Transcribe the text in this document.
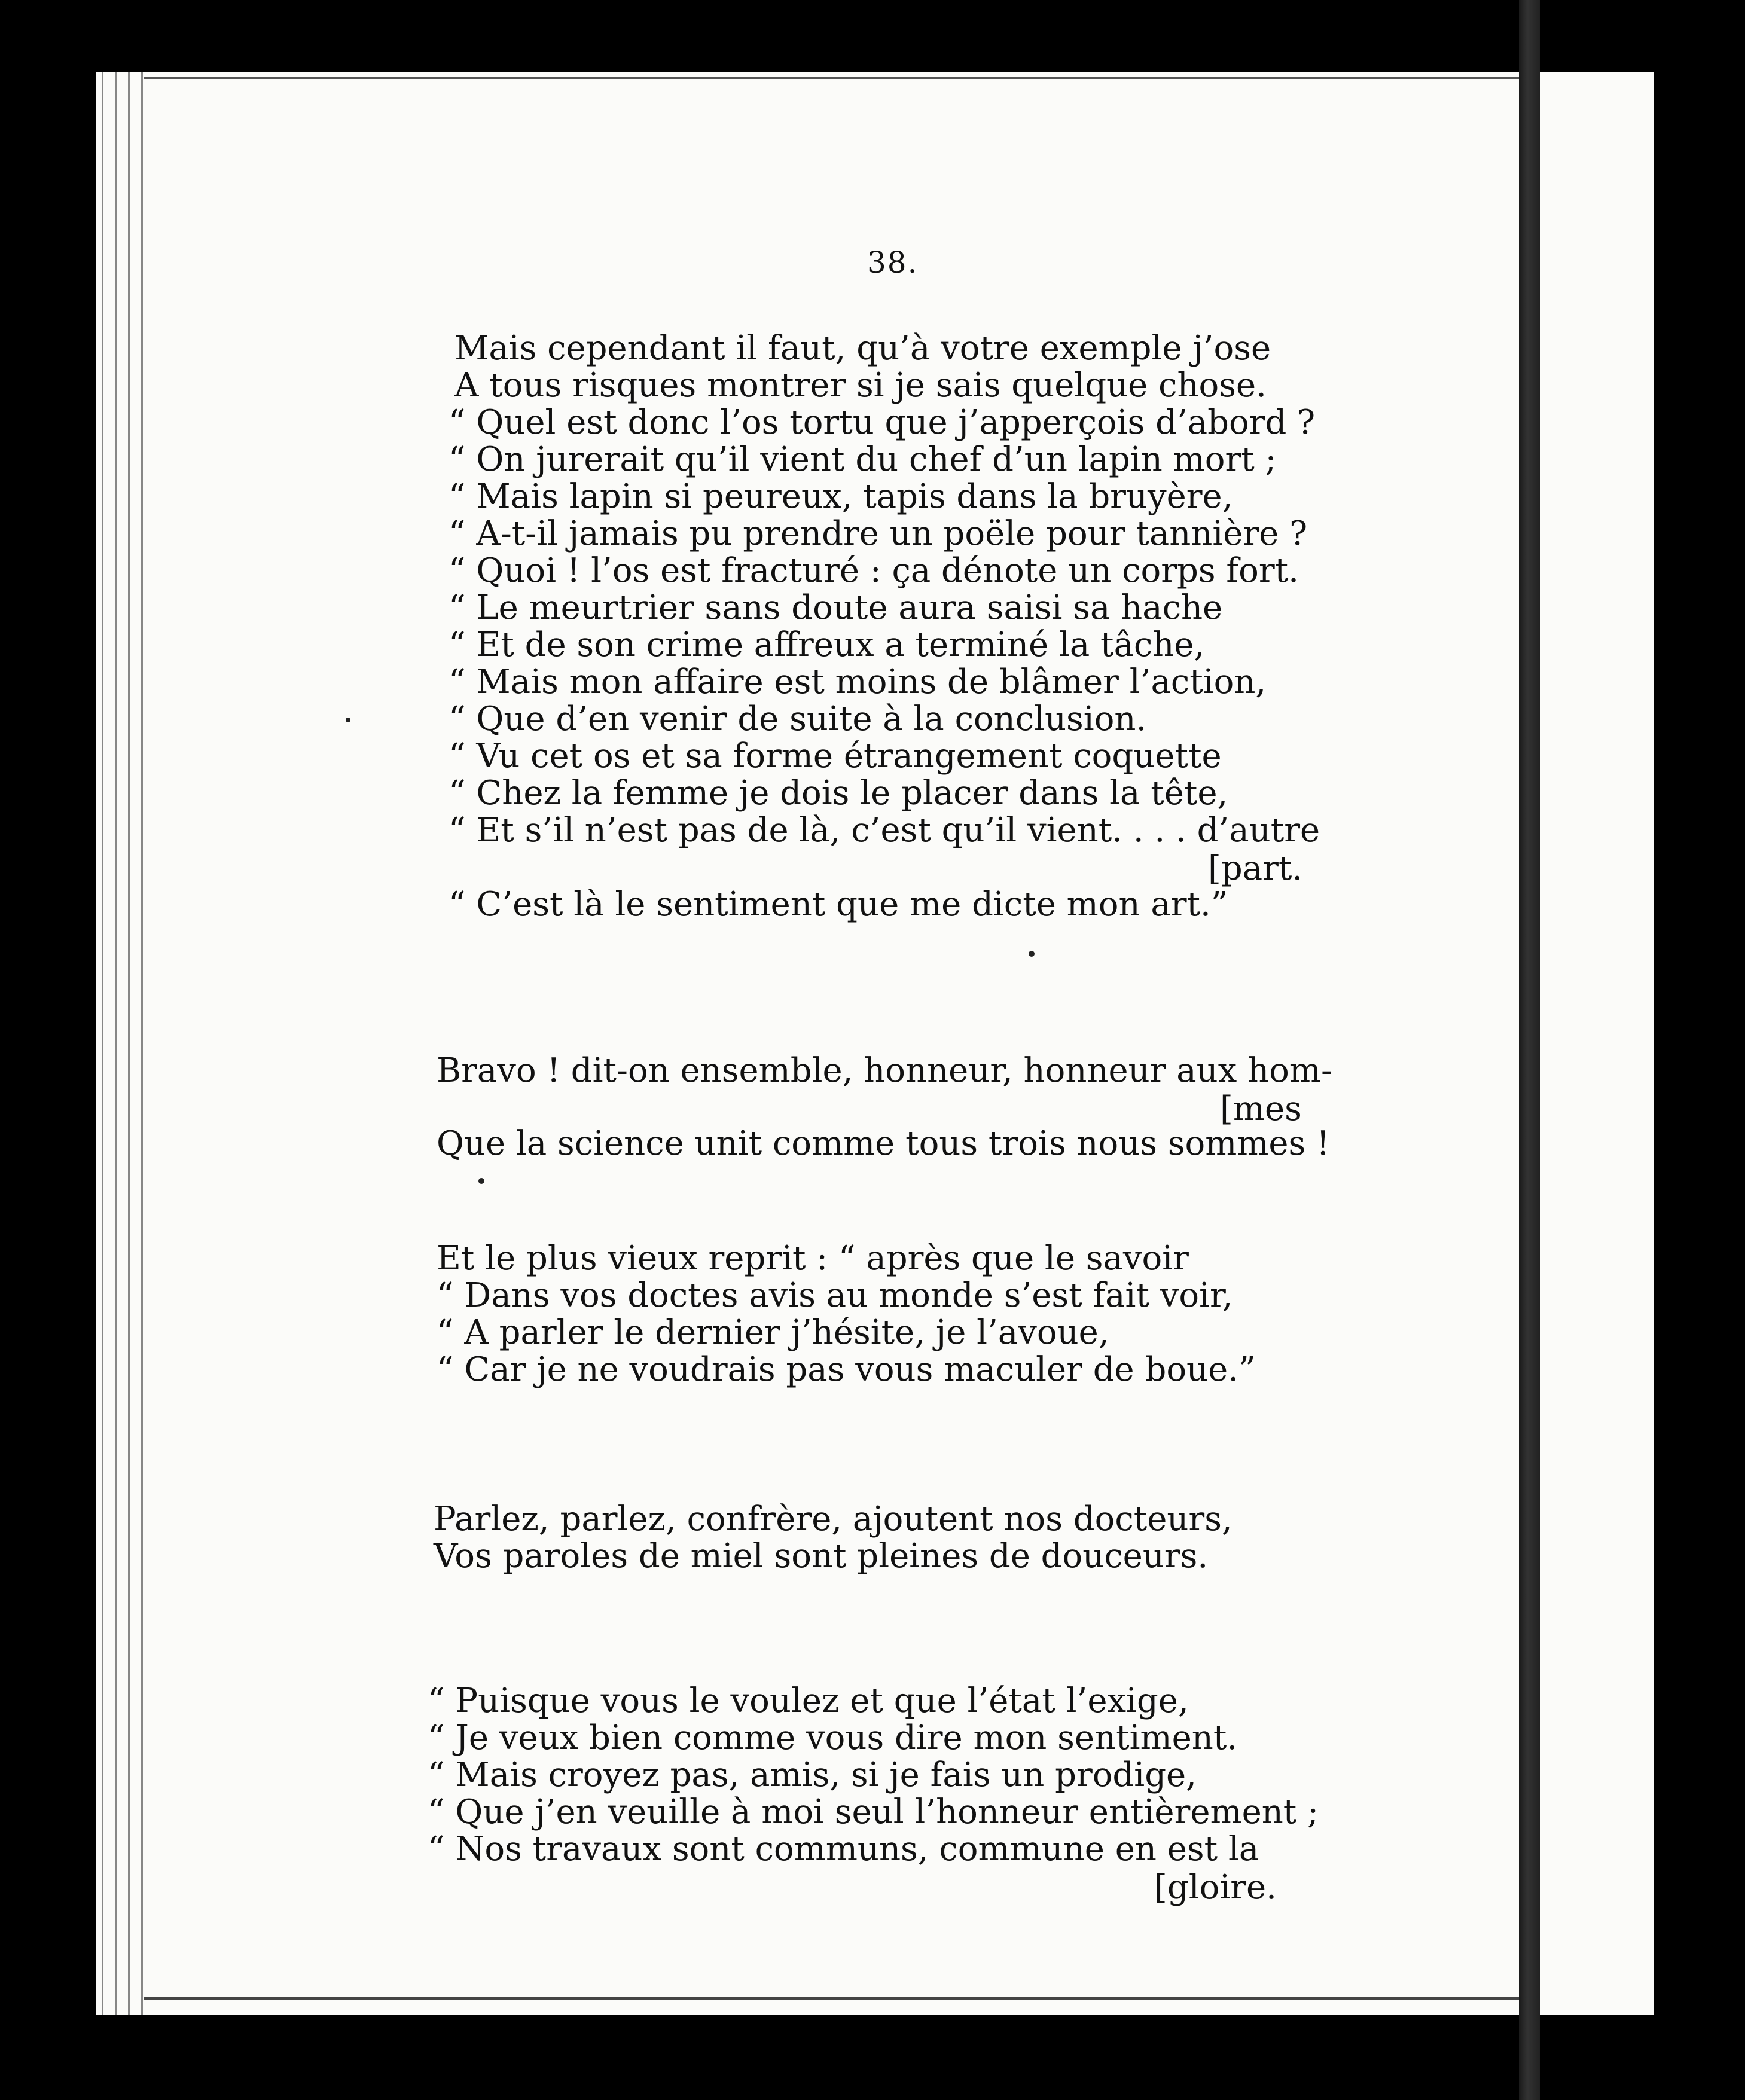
38.
Mais cependant il faut, qu’à votre exemple j’ose
A tous risques montrer si je sais quelque chose.
“ Quel est donc l’os tortu que j’apperçois d’abord ?
“ On jurerait qu’il vient du chef d’un lapin mort ;
“ Mais lapin si peureux, tapis dans la bruyère,
“ A-t-il jamais pu prendre un poële pour tannière ?
“ Quoi ! l’os est fracturé : ça dénote un corps fort.
“ Le meurtrier sans doute aura saisi sa hache
“ Et de son crime affreux a terminé la tâche,
“ Mais mon affaire est moins de blâmer l’action,
“ Que d’en venir de suite à la conclusion.
“ Vu cet os et sa forme étrangement coquette
“ Chez la femme je dois le placer dans la tête,
“ Et s’il n’est pas de là, c’est qu’il vient. . . . d’autre
[part.
“ C’est là le sentiment que me dicte mon art.”
Bravo ! dit-on ensemble, honneur, honneur aux hom-
[mes
Que la science unit comme tous trois nous sommes !
Et le plus vieux reprit : “ après que le savoir
“ Dans vos doctes avis au monde s’est fait voir,
“ A parler le dernier j’hésite, je l’avoue,
“ Car je ne voudrais pas vous maculer de boue.”
Parlez, parlez, confrère, ajoutent nos docteurs,
Vos paroles de miel sont pleines de douceurs.
“ Puisque vous le voulez et que l’état l’exige,
“ Je veux bien comme vous dire mon sentiment.
“ Mais croyez pas, amis, si je fais un prodige,
“ Que j’en veuille à moi seul l’honneur entièrement ;
“ Nos travaux sont communs, commune en est la
[gloire.
